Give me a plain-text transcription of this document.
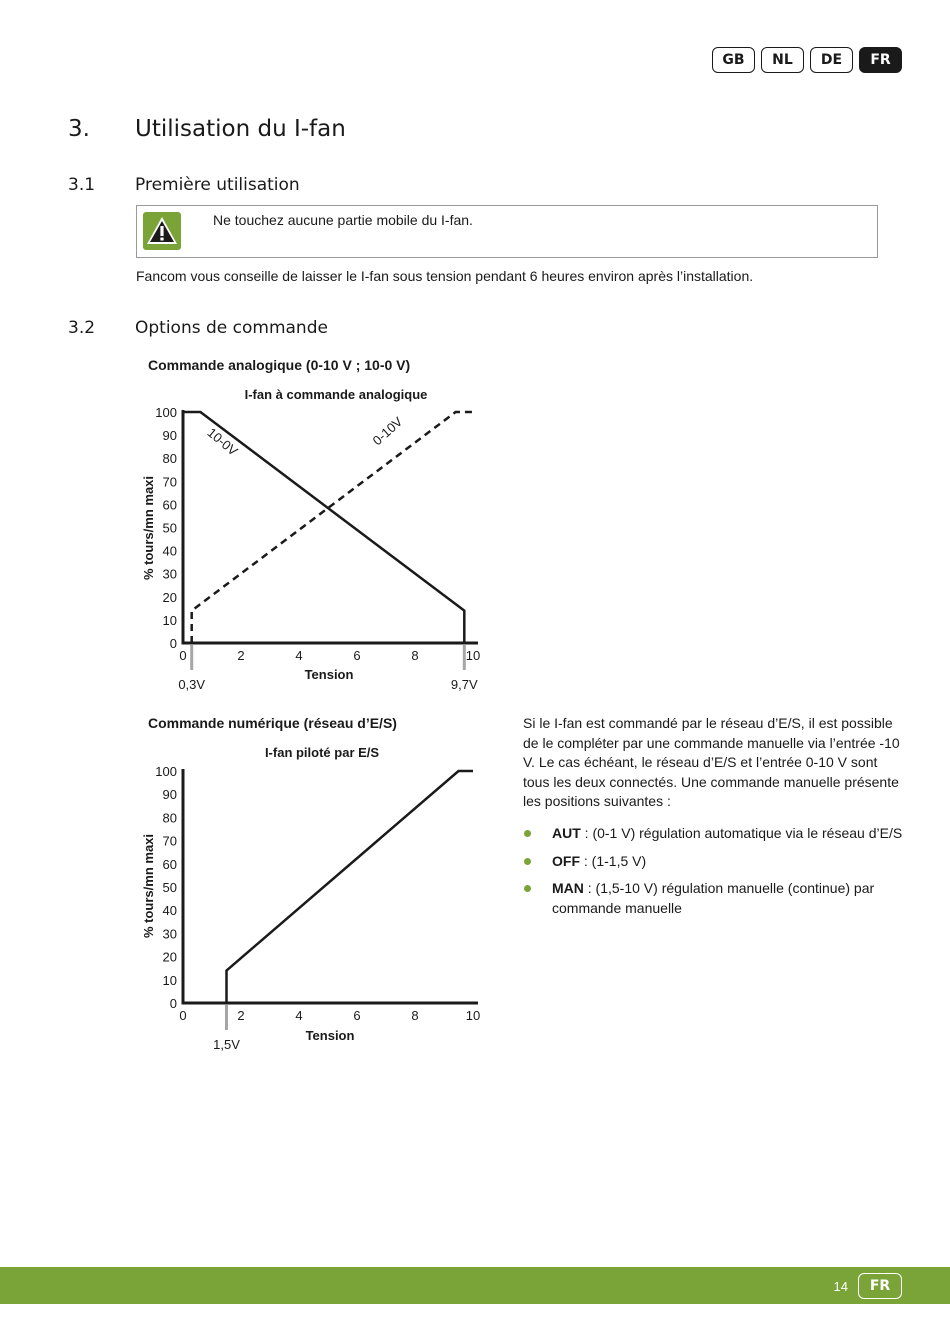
GB	NL	DE	FR
3. Utilisation du I-fan
3.1 Première utilisation
Ne touchez aucune partie mobile du I-fan.
Fancom vous conseille de laisser le I-fan sous tension pendant 6 heures environ après l’installation.
3.2 Options de commande
Commande analogique (0-10 V ; 10-0 V)
I-fan à commande analogique
Tension
% tours/mn maxi
0,3V	9,7V
0
10
20
30
40
50
60
70
80
90
100
0	2	4	6	8	10
10-0V	0-10V
Commande numérique (réseau d’E/S)
I-fan piloté par E/S
Tension
% tours/mn maxi
1,5V
0
10
20
30
40
50
60
70
80
90
100
0	2	4	6	8	10
Si le I-fan est commandé par le réseau d’E/S, il est possible de le compléter par une commande manuelle via l’entrée -10 V. Le cas échéant, le réseau d’E/S et l’entrée 0-10 V sont tous les deux connectés. Une commande manuelle présente les positions suivantes :
AUT : (0-1 V) régulation automatique via le réseau d’E/S
OFF : (1-1,5 V)
MAN : (1,5-10 V) régulation manuelle (continue) par commande manuelle
14	FR
